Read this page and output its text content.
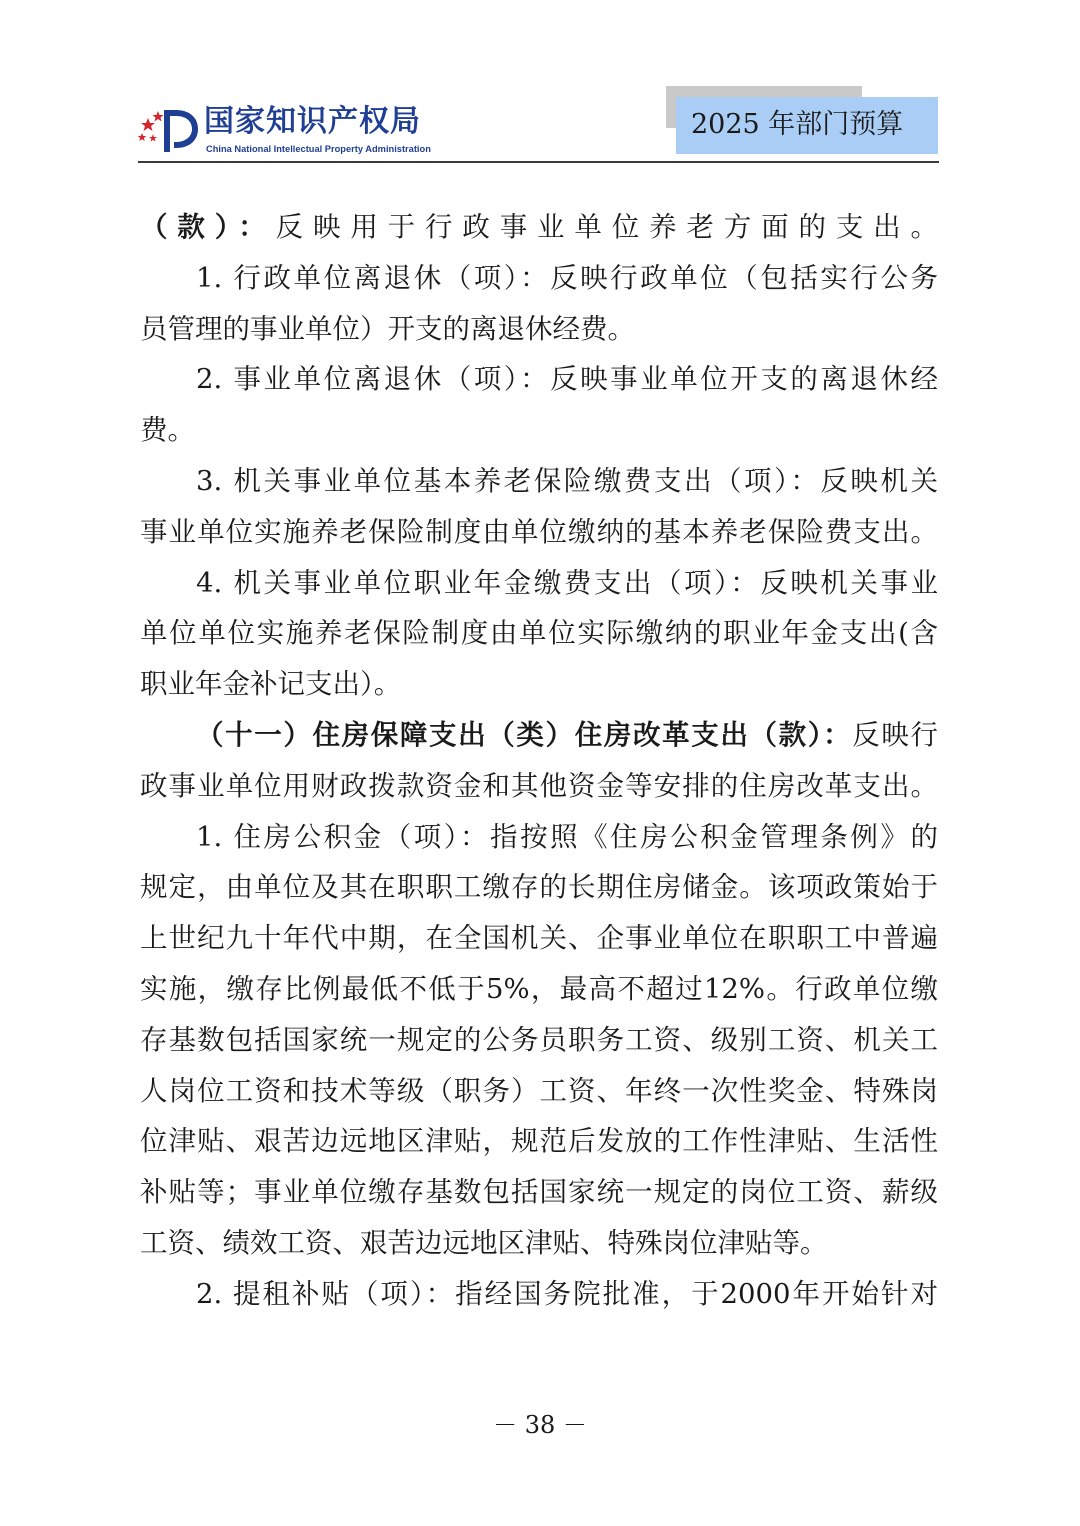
国家知识产权局
China National Intellectual Property Administration
2025 年部门预算
（款）：反映用于行政事业单位养老方面的支出。
1. 行政单位离退休（项）：反映行政单位（包括实行公务
员管理的事业单位）开支的离退休经费。
2. 事业单位离退休（项）：反映事业单位开支的离退休经
费。
3. 机关事业单位基本养老保险缴费支出（项）：反映机关
事业单位实施养老保险制度由单位缴纳的基本养老保险费支出。
4. 机关事业单位职业年金缴费支出（项）：反映机关事业
单位单位实施养老保险制度由单位实际缴纳的职业年金支出(含
职业年金补记支出）。
（十一）住房保障支出（类）住房改革支出（款）：反映行
政事业单位用财政拨款资金和其他资金等安排的住房改革支出。
1. 住房公积金（项）：指按照《住房公积金管理条例》的
规定，由单位及其在职职工缴存的长期住房储金。该项政策始于
上世纪九十年代中期，在全国机关、企事业单位在职职工中普遍
实施，缴存比例最低不低于5%，最高不超过12%。行政单位缴
存基数包括国家统一规定的公务员职务工资、级别工资、机关工
人岗位工资和技术等级（职务）工资、年终一次性奖金、特殊岗
位津贴、艰苦边远地区津贴，规范后发放的工作性津贴、生活性
补贴等；事业单位缴存基数包括国家统一规定的岗位工资、薪级
工资、绩效工资、艰苦边远地区津贴、特殊岗位津贴等。
2. 提租补贴（项）：指经国务院批准，于2000年开始针对
－ 38 －
